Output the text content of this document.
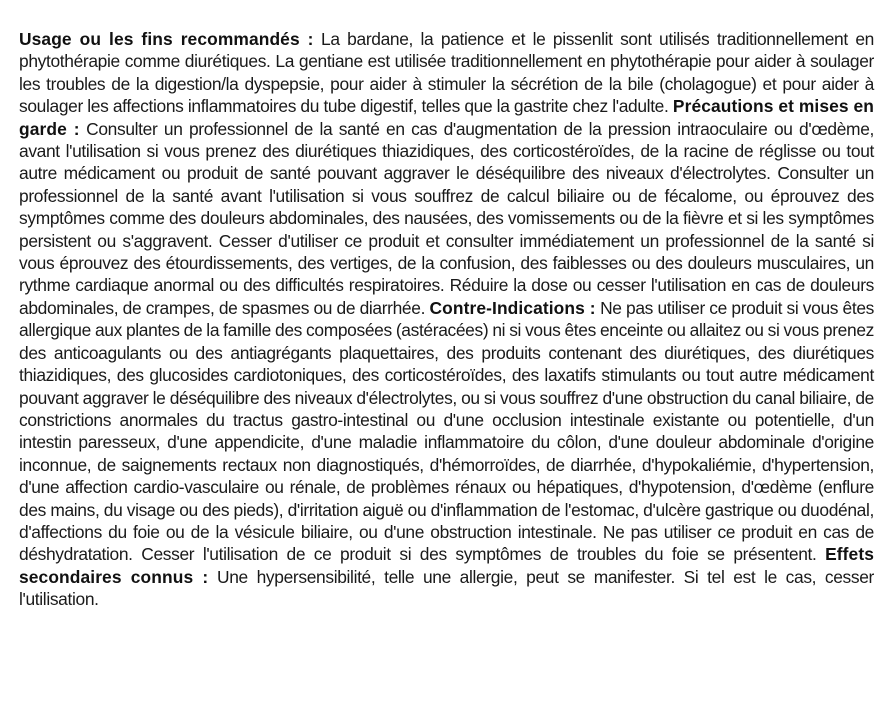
Usage ou les fins recommandés : La bardane, la patience et le pissenlit sont utilisés traditionnellement en phytothérapie comme diurétiques. La gentiane est utilisée traditionnellement en phytothérapie pour aider à soulager les troubles de la digestion/la dyspepsie, pour aider à stimuler la sécrétion de la bile (cholagogue) et pour aider à soulager les affections inflammatoires du tube digestif, telles que la gastrite chez l'adulte. Précautions et mises en garde : Consulter un professionnel de la santé en cas d'augmentation de la pression intraoculaire ou d'œdème, avant l'utilisation si vous prenez des diurétiques thiazidiques, des corticostéroïdes, de la racine de réglisse ou tout autre médicament ou produit de santé pouvant aggraver le déséquilibre des niveaux d'électrolytes. Consulter un professionnel de la santé avant l'utilisation si vous souffrez de calcul biliaire ou de fécalome, ou éprouvez des symptômes comme des douleurs abdominales, des nausées, des vomissements ou de la fièvre et si les symptômes persistent ou s'aggravent. Cesser d'utiliser ce produit et consulter immédiatement un professionnel de la santé si vous éprouvez des étourdissements, des vertiges, de la confusion, des faiblesses ou des douleurs musculaires, un rythme cardiaque anormal ou des difficultés respiratoires. Réduire la dose ou cesser l'utilisation en cas de douleurs abdominales, de crampes, de spasmes ou de diarrhée. Contre-Indications : Ne pas utiliser ce produit si vous êtes allergique aux plantes de la famille des composées (astéracées) ni si vous êtes enceinte ou allaitez ou si vous prenez des anticoagulants ou des antiagrégants plaquettaires, des produits contenant des diurétiques, des diurétiques thiazidiques, des glucosides cardiotoniques, des corticostéroïdes, des laxatifs stimulants ou tout autre médicament pouvant aggraver le déséquilibre des niveaux d'électrolytes, ou si vous souffrez d'une obstruction du canal biliaire, de constrictions anormales du tractus gastro-intestinal ou d'une occlusion intestinale existante ou potentielle, d'un intestin paresseux, d'une appendicite, d'une maladie inflammatoire du côlon, d'une douleur abdominale d'origine inconnue, de saignements rectaux non diagnostiqués, d'hémorroïdes, de diarrhée, d'hypokaliémie, d'hypertension, d'une affection cardio-vasculaire ou rénale, de problèmes rénaux ou hépatiques, d'hypotension, d'œdème (enflure des mains, du visage ou des pieds), d'irritation aiguë ou d'inflammation de l'estomac, d'ulcère gastrique ou duodénal, d'affections du foie ou de la vésicule biliaire, ou d'une obstruction intestinale. Ne pas utiliser ce produit en cas de déshydratation. Cesser l'utilisation de ce produit si des symptômes de troubles du foie se présentent. Effets secondaires connus : Une hypersensibilité, telle une allergie, peut se manifester. Si tel est le cas, cesser l'utilisation.
